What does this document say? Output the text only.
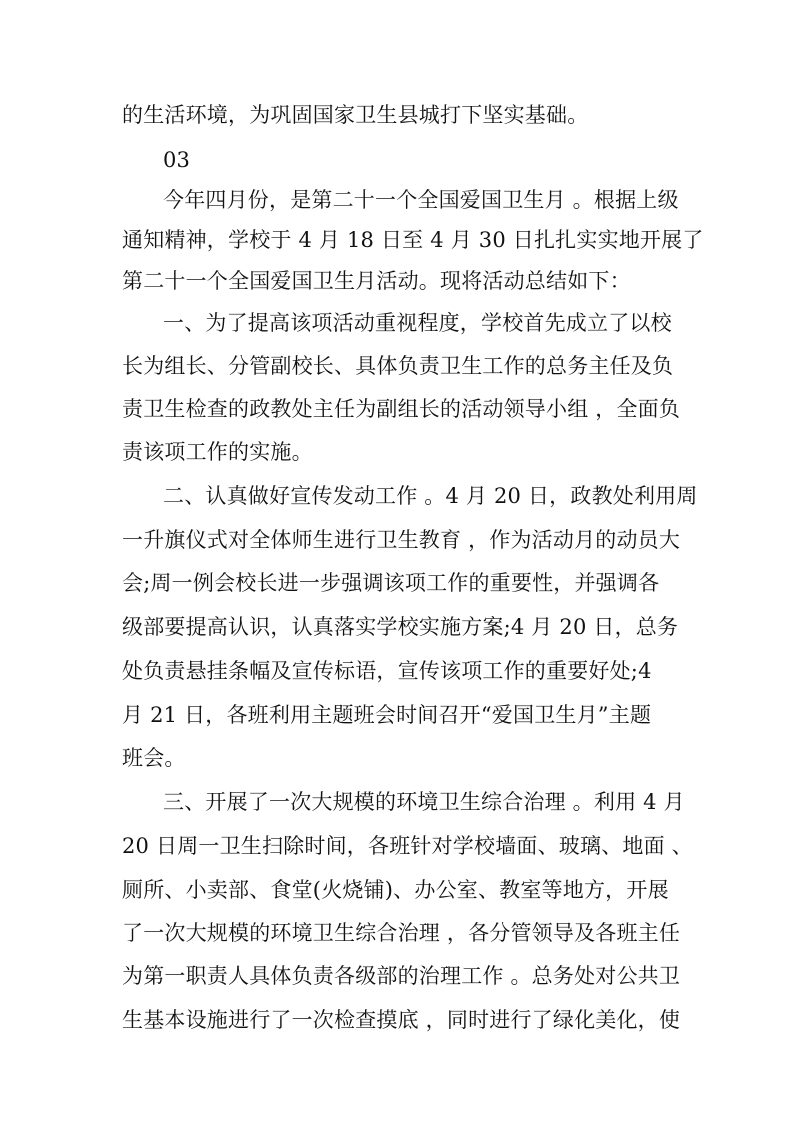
的生活环境，为巩固国家卫生县城打下坚实基础。
03
今年四月份，是第二十一个全国爱国卫生月 。根据上级
通知精神，学校于 4 月 18 日至 4 月 30 日扎扎实实地开展了
第二十一个全国爱国卫生月活动。现将活动总结如下：
一、为了提高该项活动重视程度，学校首先成立了以校
长为组长、分管副校长、具体负责卫生工作的总务主任及负
责卫生检查的政教处主任为副组长的活动领导小组 ，全面负
责该项工作的实施。
二、认真做好宣传发动工作 。4 月 20 日，政教处利用周
一升旗仪式对全体师生进行卫生教育 ，作为活动月的动员大
会;周一例会校长进一步强调该项工作的重要性，并强调各
级部要提高认识，认真落实学校实施方案;4 月 20 日，总务
处负责悬挂条幅及宣传标语，宣传该项工作的重要好处;4
月 21 日，各班利用主题班会时间召开“爱国卫生月”主题
班会。
三、开展了一次大规模的环境卫生综合治理 。利用 4 月
20 日周一卫生扫除时间，各班针对学校墙面、玻璃、地面 、
厕所、小卖部、食堂(火烧铺)、办公室、教室等地方，开展
了一次大规模的环境卫生综合治理 ，各分管领导及各班主任
为第一职责人具体负责各级部的治理工作 。总务处对公共卫
生基本设施进行了一次检查摸底 ，同时进行了绿化美化，使
